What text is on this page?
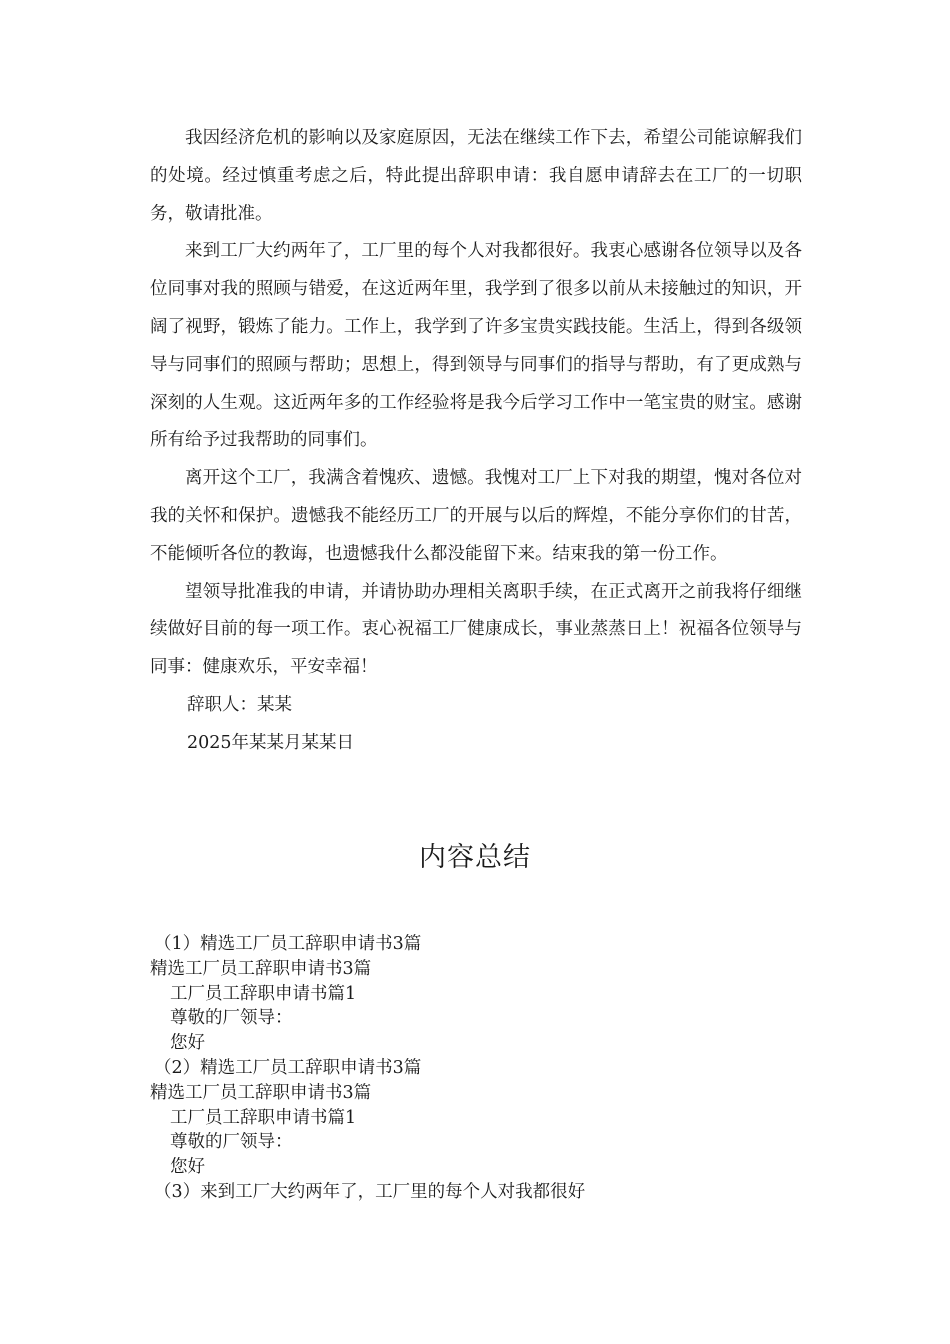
我因经济危机的影响以及家庭原因，无法在继续工作下去，希望公司能谅解我们的处境。经过慎重考虑之后，特此提出辞职申请：我自愿申请辞去在工厂的一切职务，敬请批准。

来到工厂大约两年了，工厂里的每个人对我都很好。我衷心感谢各位领导以及各位同事对我的照顾与错爱，在这近两年里，我学到了很多以前从未接触过的知识，开阔了视野，锻炼了能力。工作上，我学到了许多宝贵实践技能。生活上，得到各级领导与同事们的照顾与帮助；思想上，得到领导与同事们的指导与帮助，有了更成熟与深刻的人生观。这近两年多的工作经验将是我今后学习工作中一笔宝贵的财宝。感谢所有给予过我帮助的同事们。

离开这个工厂，我满含着愧疚、遗憾。我愧对工厂上下对我的期望，愧对各位对我的关怀和保护。遗憾我不能经历工厂的开展与以后的辉煌，不能分享你们的甘苦，不能倾听各位的教诲，也遗憾我什么都没能留下来。结束我的第一份工作。

望领导批准我的申请，并请协助办理相关离职手续，在正式离开之前我将仔细继续做好目前的每一项工作。衷心祝福工厂健康成长，事业蒸蒸日上！祝福各位领导与同事：健康欢乐，平安幸福！

辞职人：某某

2025年某某月某某日

内容总结
（1）精选工厂员工辞职申请书3篇
精选工厂员工辞职申请书3篇
工厂员工辞职申请书篇1
尊敬的厂领导：
您好
（2）精选工厂员工辞职申请书3篇
精选工厂员工辞职申请书3篇
工厂员工辞职申请书篇1
尊敬的厂领导：
您好
（3）来到工厂大约两年了，工厂里的每个人对我都很好
